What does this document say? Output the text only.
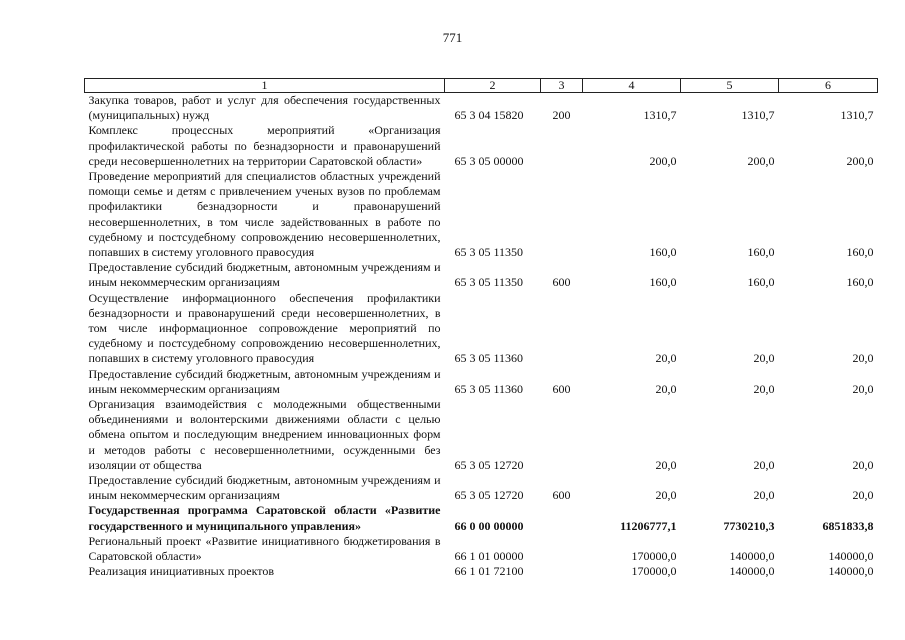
771
1	2	3	4	5	6
Закупка товаров, работ и услуг для обеспечения государственных (муниципальных) нужд	65 3 04 15820	200	1310,7	1310,7	1310,7
Комплекс процессных мероприятий «Организация профилактической работы по безнадзорности и правонарушений среди несовершеннолетних на территории Саратовской области»	65 3 05 00000		200,0	200,0	200,0
Проведение мероприятий для специалистов областных учреждений помощи семье и детям с привлечением ученых вузов по проблемам профилактики безнадзорности и правонарушений несовершеннолетних, в том числе задействованных в работе по судебному и постсудебному сопровождению несовершеннолетних, попавших в систему уголовного правосудия	65 3 05 11350		160,0	160,0	160,0
Предоставление субсидий бюджетным, автономным учреждениям и иным некоммерческим организациям	65 3 05 11350	600	160,0	160,0	160,0
Осуществление информационного обеспечения профилактики безнадзорности и правонарушений среди несовершеннолетних, в том числе информационное сопровождение мероприятий по судебному и постсудебному сопровождению несовершеннолетних, попавших в систему уголовного правосудия	65 3 05 11360		20,0	20,0	20,0
Предоставление субсидий бюджетным, автономным учреждениям и иным некоммерческим организациям	65 3 05 11360	600	20,0	20,0	20,0
Организация взаимодействия с молодежными общественными объединениями и волонтерскими движениями области с целью обмена опытом и последующим внедрением инновационных форм и методов работы с несовершеннолетними, осужденными без изоляции от общества	65 3 05 12720		20,0	20,0	20,0
Предоставление субсидий бюджетным, автономным учреждениям и иным некоммерческим организациям	65 3 05 12720	600	20,0	20,0	20,0
Государственная программа Саратовской области «Развитие государственного и муниципального управления»	66 0 00 00000		11206777,1	7730210,3	6851833,8
Региональный проект «Развитие инициативного бюджетирования в Саратовской области»	66 1 01 00000		170000,0	140000,0	140000,0
Реализация инициативных проектов	66 1 01 72100		170000,0	140000,0	140000,0
